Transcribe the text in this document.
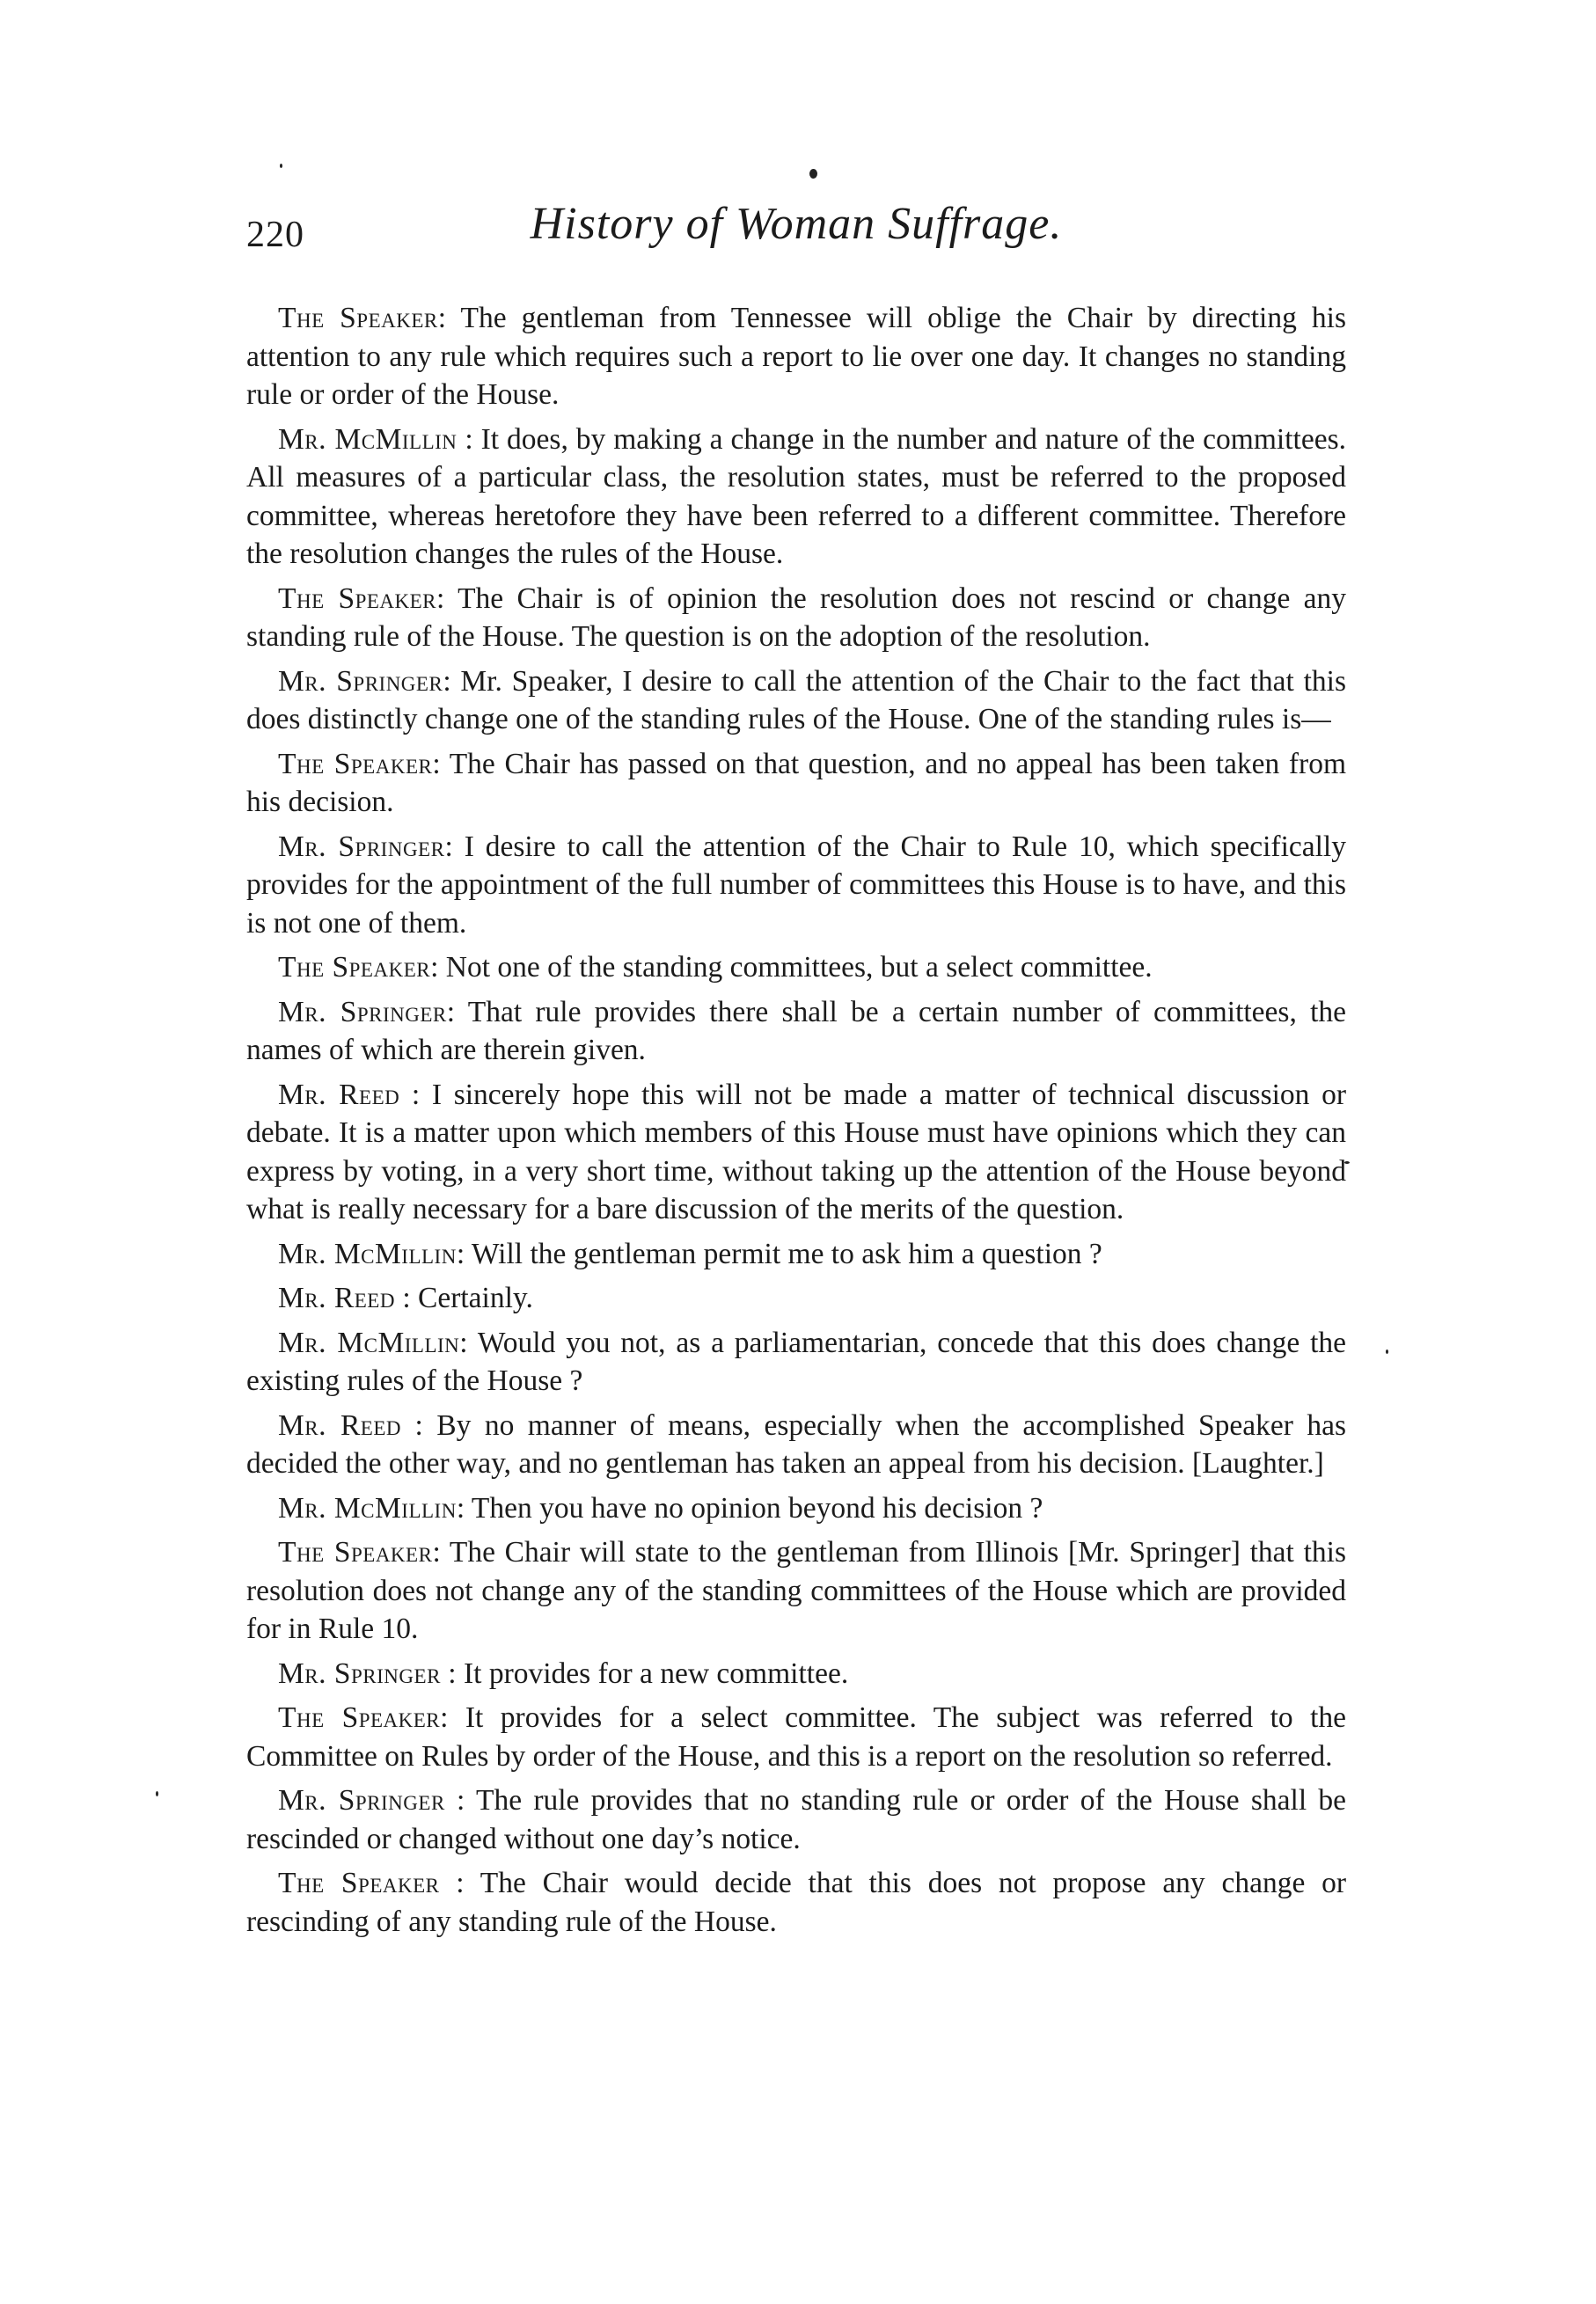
220	History of Woman Suffrage.

The Speaker: The gentleman from Tennessee will oblige the Chair by directing his attention to any rule which requires such a report to lie over one day. It changes no standing rule or order of the House.

Mr. McMillin : It does, by making a change in the number and nature of the committees. All measures of a particular class, the resolution states, must be referred to the proposed committee, whereas heretofore they have been referred to a different committee. Therefore the resolution changes the rules of the House.

The Speaker: The Chair is of opinion the resolution does not rescind or change any standing rule of the House. The question is on the adoption of the resolution.

Mr. Springer: Mr. Speaker, I desire to call the attention of the Chair to the fact that this does distinctly change one of the standing rules of the House. One of the standing rules is—

The Speaker: The Chair has passed on that question, and no appeal has been taken from his decision.

Mr. Springer: I desire to call the attention of the Chair to Rule 10, which specifically provides for the appointment of the full number of committees this House is to have, and this is not one of them.

The Speaker: Not one of the standing committees, but a select committee.

Mr. Springer: That rule provides there shall be a certain number of committees, the names of which are therein given.

Mr. Reed : I sincerely hope this will not be made a matter of technical discussion or debate. It is a matter upon which members of this House must have opinions which they can express by voting, in a very short time, without taking up the attention of the House beyond what is really necessary for a bare discussion of the merits of the question.

Mr. McMillin: Will the gentleman permit me to ask him a question ?

Mr. Reed : Certainly.

Mr. McMillin: Would you not, as a parliamentarian, concede that this does change the existing rules of the House ?

Mr. Reed : By no manner of means, especially when the accomplished Speaker has decided the other way, and no gentleman has taken an appeal from his decision. [Laughter.]

Mr. McMillin: Then you have no opinion beyond his decision ?

The Speaker: The Chair will state to the gentleman from Illinois [Mr. Springer] that this resolution does not change any of the standing committees of the House which are provided for in Rule 10.

Mr. Springer : It provides for a new committee.

The Speaker: It provides for a select committee. The subject was referred to the Committee on Rules by order of the House, and this is a report on the resolution so referred.

Mr. Springer : The rule provides that no standing rule or order of the House shall be rescinded or changed without one day’s notice.

The Speaker : The Chair would decide that this does not propose any change or rescinding of any standing rule of the House.
